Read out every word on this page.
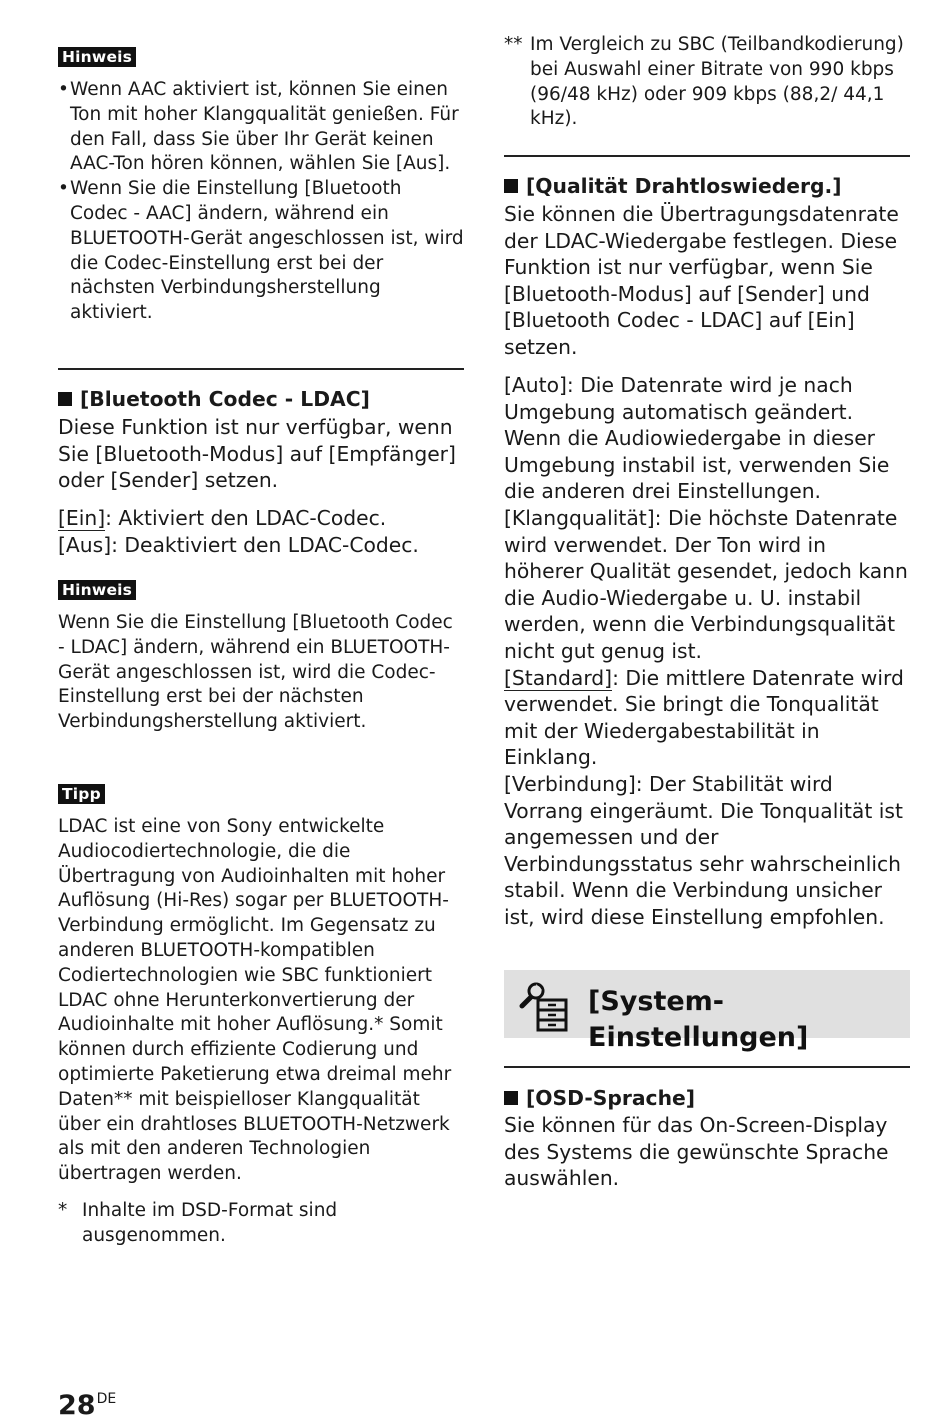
Hinweis
• Wenn AAC aktiviert ist, können Sie einen Ton mit hoher Klangqualität genießen. Für den Fall, dass Sie über Ihr Gerät keinen AAC-Ton hören können, wählen Sie [Aus].
• Wenn Sie die Einstellung [Bluetooth Codec - AAC] ändern, während ein BLUETOOTH-Gerät angeschlossen ist, wird die Codec-Einstellung erst bei der nächsten Verbindungsherstellung aktiviert.
[Bluetooth Codec - LDAC]
Diese Funktion ist nur verfügbar, wenn Sie [Bluetooth-Modus] auf [Empfänger] oder [Sender] setzen.
[Ein]: Aktiviert den LDAC-Codec.
[Aus]: Deaktiviert den LDAC-Codec.
Hinweis
Wenn Sie die Einstellung [Bluetooth Codec - LDAC] ändern, während ein BLUETOOTH-Gerät angeschlossen ist, wird die Codec-Einstellung erst bei der nächsten Verbindungsherstellung aktiviert.
Tipp
LDAC ist eine von Sony entwickelte Audiocodiertechnologie, die die Übertragung von Audioinhalten mit hoher Auflösung (Hi-Res) sogar per BLUETOOTH-Verbindung ermöglicht. Im Gegensatz zu anderen BLUETOOTH-kompatiblen Codiertechnologien wie SBC funktioniert LDAC ohne Herunterkonvertierung der Audioinhalte mit hoher Auflösung.* Somit können durch effiziente Codierung und optimierte Paketierung etwa dreimal mehr Daten** mit beispielloser Klangqualität über ein drahtloses BLUETOOTH-Netzwerk als mit den anderen Technologien übertragen werden.
* Inhalte im DSD-Format sind ausgenommen.
** Im Vergleich zu SBC (Teilbandkodierung) bei Auswahl einer Bitrate von 990 kbps (96/48 kHz) oder 909 kbps (88,2/ 44,1 kHz).
[Qualität Drahtloswiederg.]
Sie können die Übertragungsdatenrate der LDAC-Wiedergabe festlegen. Diese Funktion ist nur verfügbar, wenn Sie [Bluetooth-Modus] auf [Sender] und [Bluetooth Codec - LDAC] auf [Ein] setzen.
[Auto]: Die Datenrate wird je nach Umgebung automatisch geändert. Wenn die Audiowiedergabe in dieser Umgebung instabil ist, verwenden Sie die anderen drei Einstellungen.
[Klangqualität]: Die höchste Datenrate wird verwendet. Der Ton wird in höherer Qualität gesendet, jedoch kann die Audio-Wiedergabe u. U. instabil werden, wenn die Verbindungsqualität nicht gut genug ist.
[Standard]: Die mittlere Datenrate wird verwendet. Sie bringt die Tonqualität mit der Wiedergabestabilität in Einklang.
[Verbindung]: Der Stabilität wird Vorrang eingeräumt. Die Tonqualität ist angemessen und der Verbindungsstatus sehr wahrscheinlich stabil. Wenn die Verbindung unsicher ist, wird diese Einstellung empfohlen.
[System-Einstellungen]
[OSD-Sprache]
Sie können für das On-Screen-Display des Systems die gewünschte Sprache auswählen.
28DE
